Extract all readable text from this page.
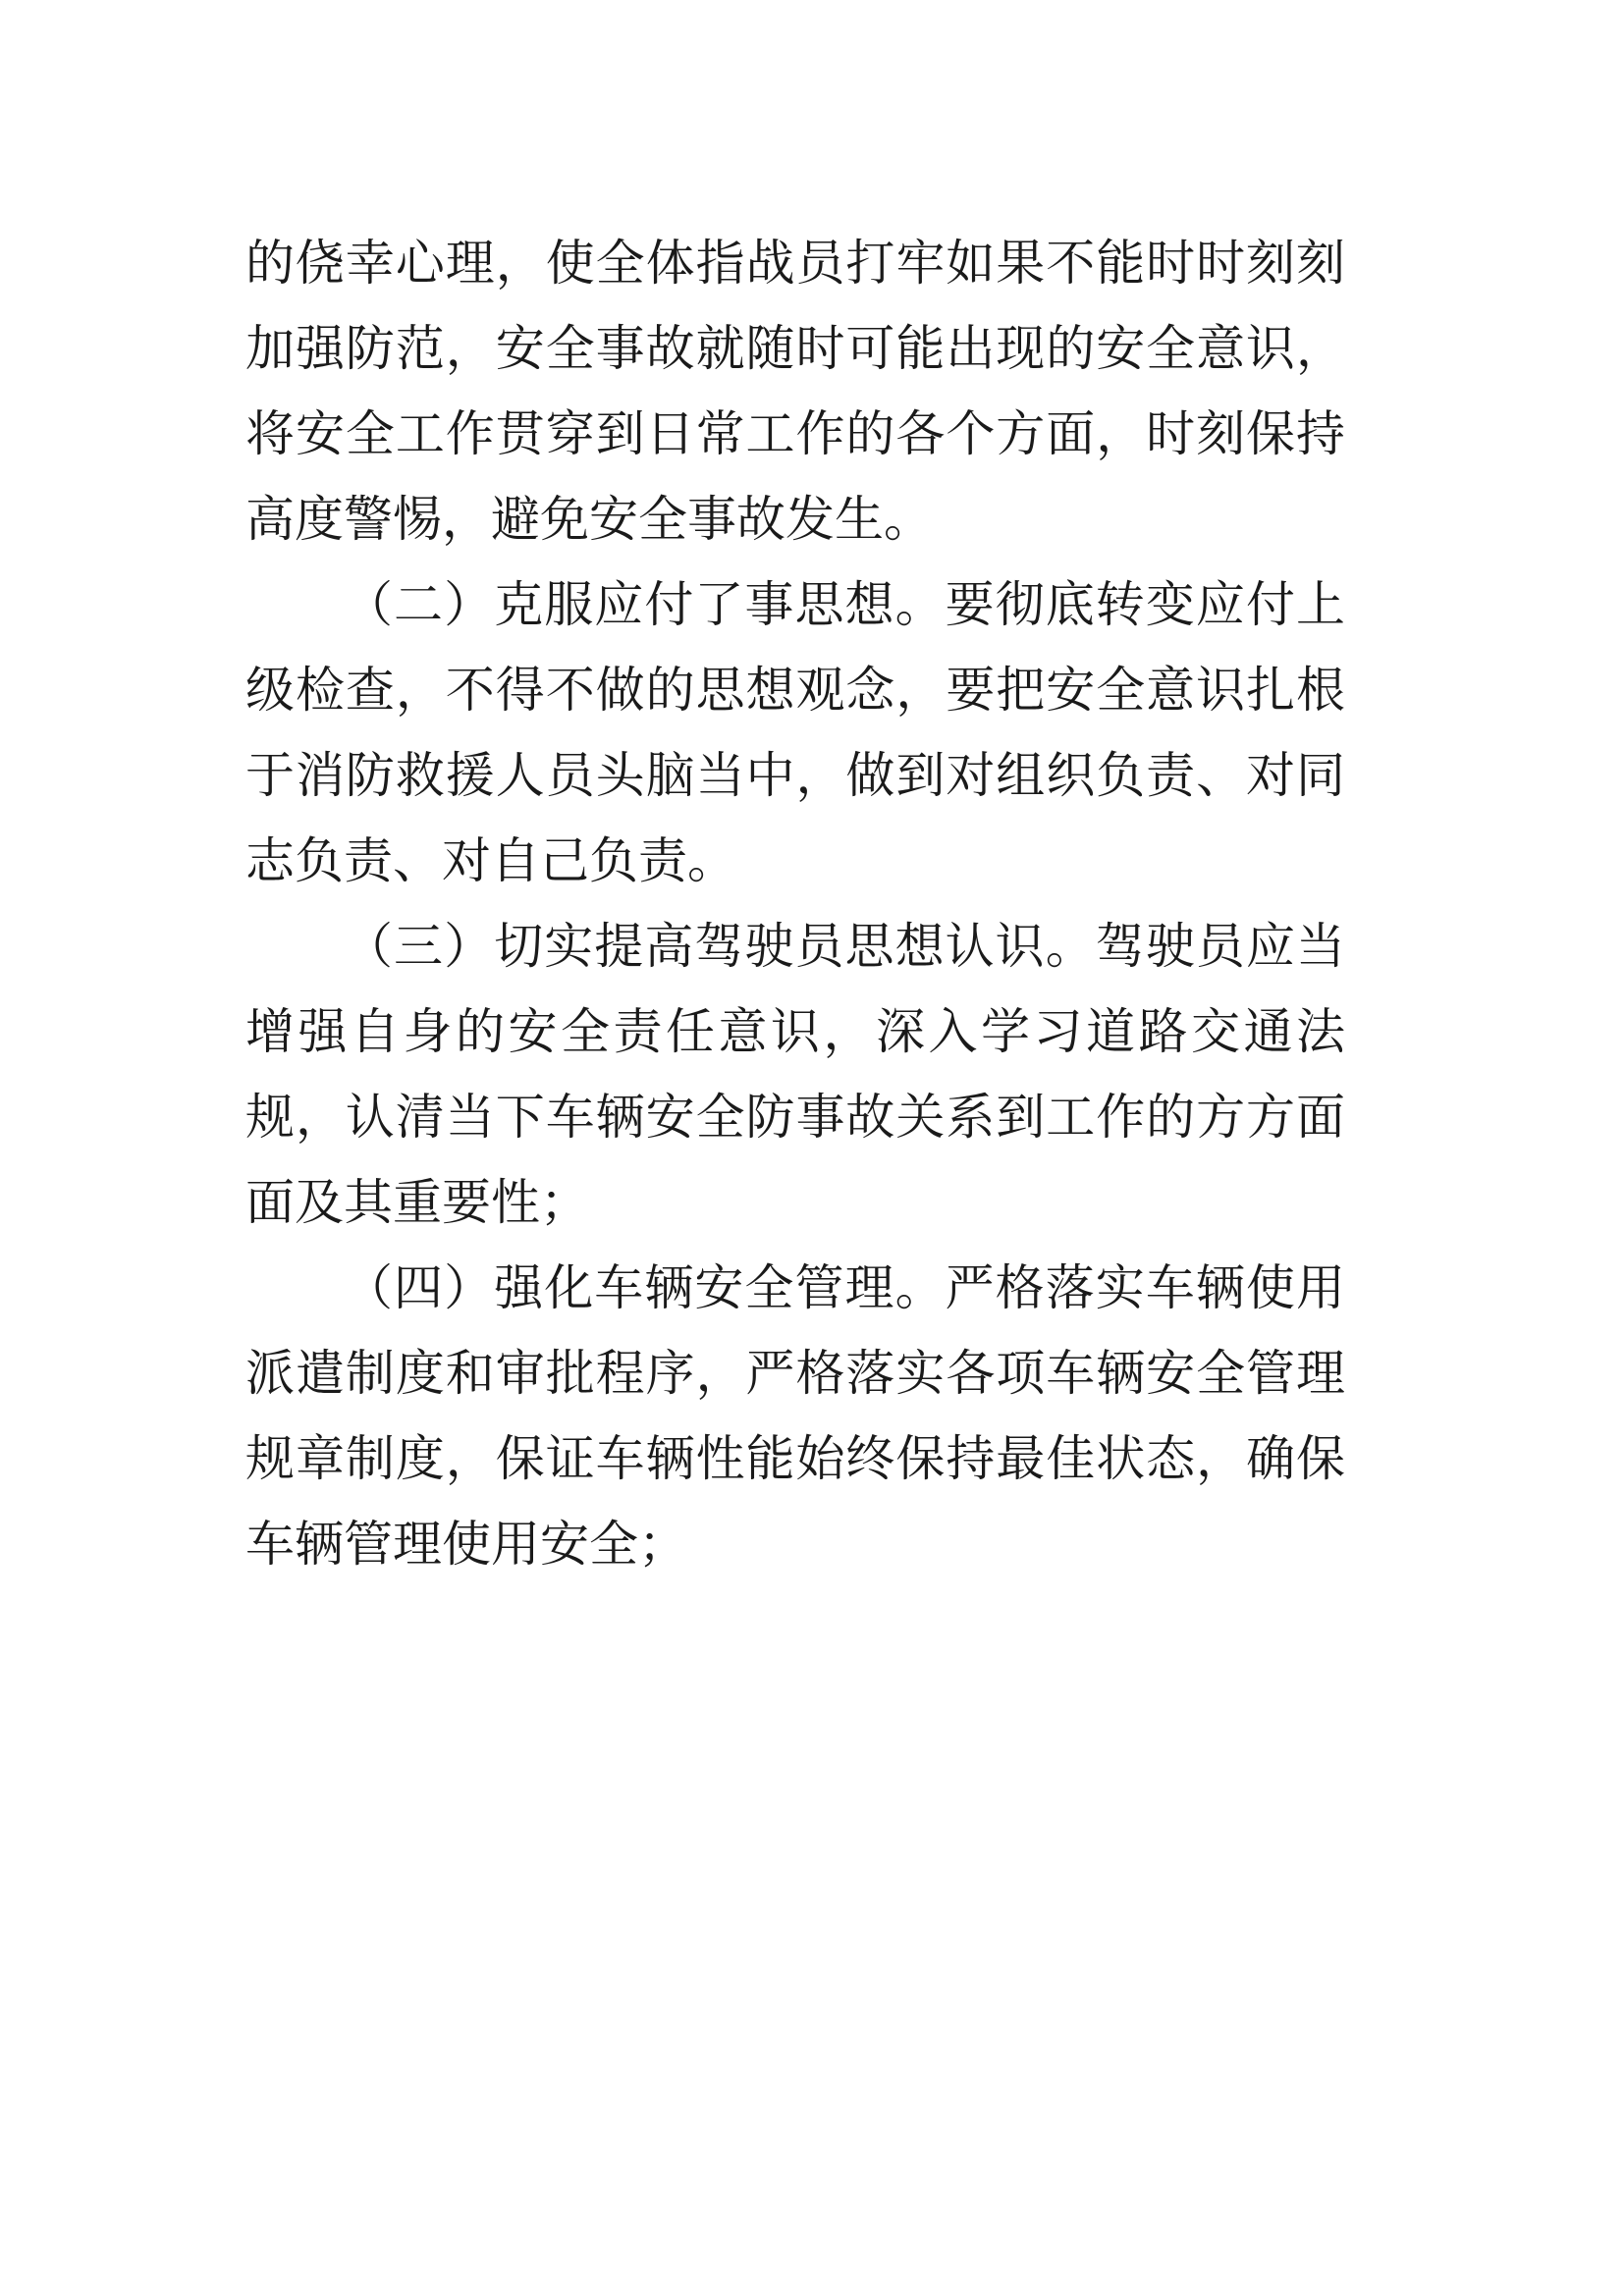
的侥幸心理，使全体指战员打牢如果不能时时刻刻加强防范，安全事故就随时可能出现的安全意识，将安全工作贯穿到日常工作的各个方面，时刻保持高度警惕，避免安全事故发生。

（二）克服应付了事思想。要彻底转变应付上级检查，不得不做的思想观念，要把安全意识扎根于消防救援人员头脑当中，做到对组织负责、对同志负责、对自己负责。

（三）切实提高驾驶员思想认识。驾驶员应当增强自身的安全责任意识，深入学习道路交通法规，认清当下车辆安全防事故关系到工作的方方面面及其重要性；

（四）强化车辆安全管理。严格落实车辆使用派遣制度和审批程序，严格落实各项车辆安全管理规章制度，保证车辆性能始终保持最佳状态，确保车辆管理使用安全；
